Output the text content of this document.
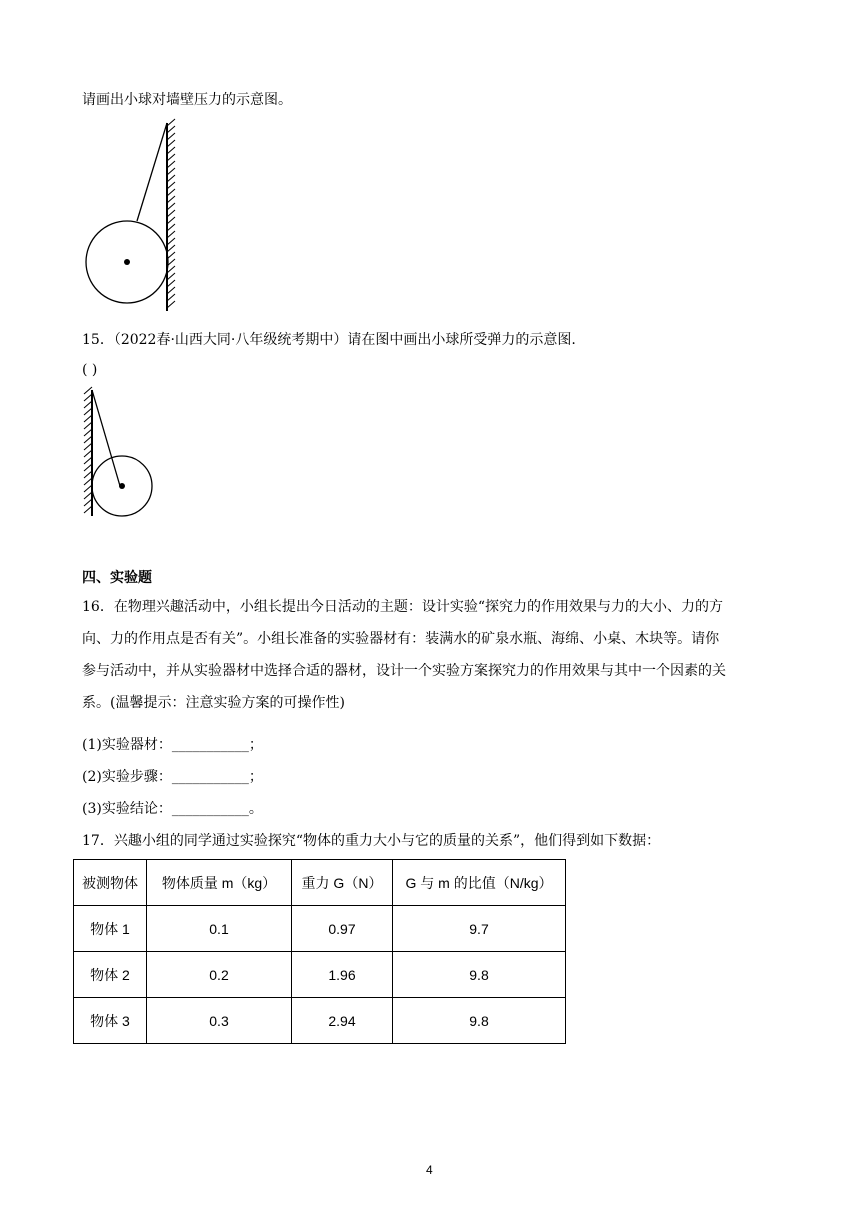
请画出小球对墙壁压力的示意图。
15．（2022春·山西大同·八年级统考期中）请在图中画出小球所受弹力的示意图.
( )
四、实验题
16．在物理兴趣活动中，小组长提出今日活动的主题：设计实验“探究力的作用效果与力的大小、力的方
向、力的作用点是否有关”。小组长准备的实验器材有：装满水的矿泉水瓶、海绵、小桌、木块等。请你
参与活动中，并从实验器材中选择合适的器材，设计一个实验方案探究力的作用效果与其中一个因素的关
系。(温馨提示：注意实验方案的可操作性)
(1)实验器材：___________；
(2)实验步骤：___________；
(3)实验结论：___________。
17．兴趣小组的同学通过实验探究“物体的重力大小与它的质量的关系”，他们得到如下数据：
被测物体	物体质量 m（kg）	重力 G（N）	G 与 m 的比值（N/kg）
物体 1	0.1	0.97	9.7
物体 2	0.2	1.96	9.8
物体 3	0.3	2.94	9.8
4
